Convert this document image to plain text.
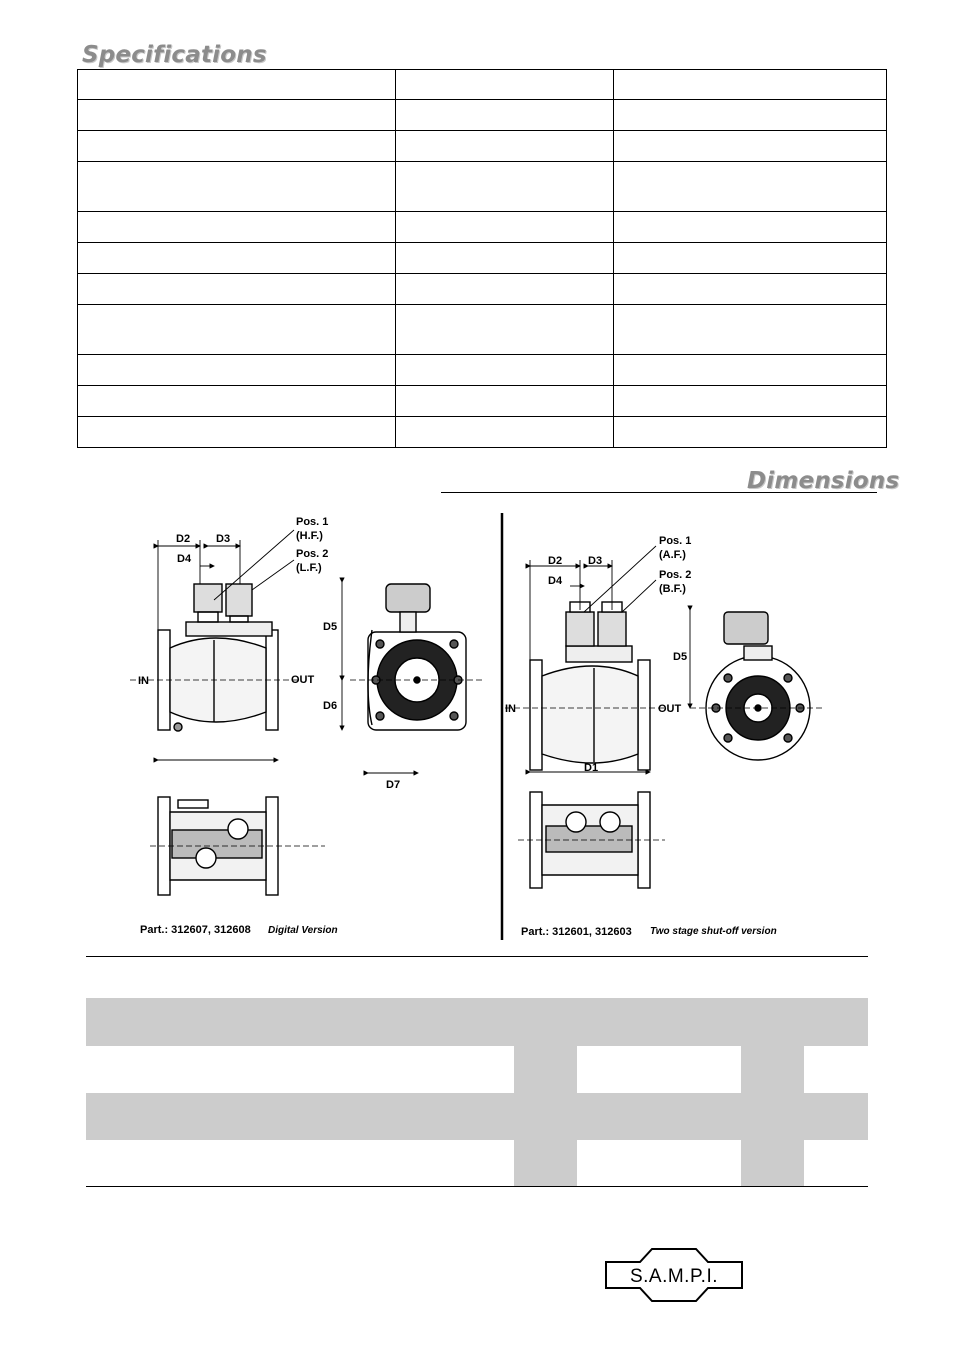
Specifications

Dimensions
D2 D3
D4
IN	OUT
D5
D6
D7
Pos. 1
(H.F.)
Pos. 2
(L.F.)
Part.: 312607, 312608 Digital Version
D2 D3
D4
IN	OUT
D1
D5
Pos. 1
(A.F.)
Pos. 2
(B.F.)
Part.: 312601, 312603 Two stage shut-off version
S.A.M.P.I.
